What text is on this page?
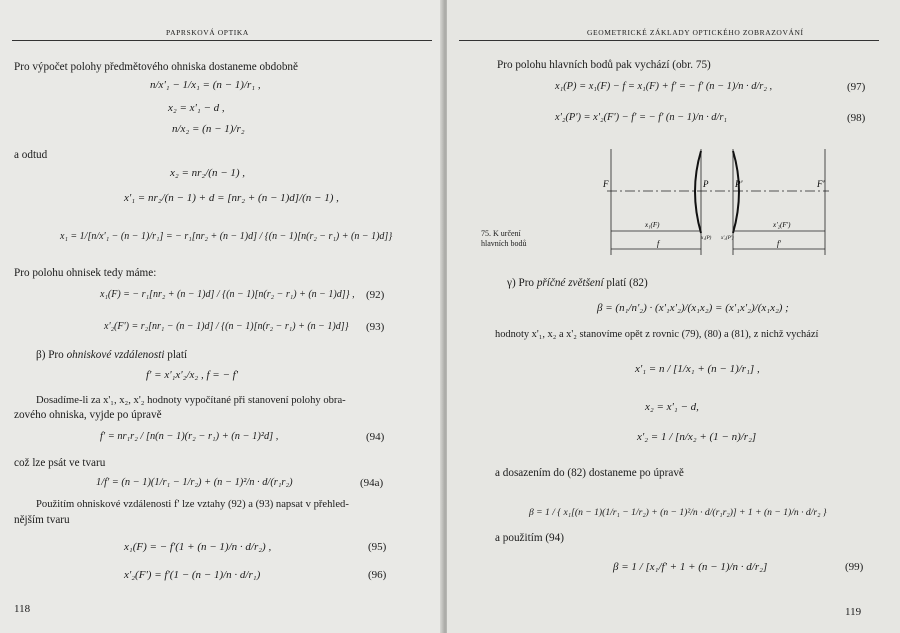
PAPRSKOVÁ OPTIKA
Pro výpočet polohy předmětového ohniska dostaneme obdobně
n/x'₁ − 1/x₁ = (n − 1)/r₁ ,
x₂ = x'₁ − d ,
n/x₂ = (n − 1)/r₂
a odtud
x₂ = nr₂/(n − 1) ,
x'₁ = nr₂/(n − 1) + d = [nr₂ + (n − 1)d]/(n − 1) ,
x₁ = 1/[n/x'₁ − (n − 1)/r₁] = − r₁[nr₂ + (n − 1)d] / {(n − 1)[n(r₂ − r₁) + (n − 1)d]}
Pro polohu ohnisek tedy máme:
x₁(F) = − r₁[nr₂ + (n − 1)d] / {(n − 1)[n(r₂ − r₁) + (n − 1)d]} , (92)
x'₂(F') = r₂[nr₁ − (n − 1)d] / {(n − 1)[n(r₂ − r₁) + (n − 1)d]} (93)
β) Pro ohniskové vzdálenosti platí
f' = x'₁x'₂/x₂ , f = − f'
Dosadíme-li za x'₁, x₂, x'₂ hodnoty vypočítané při stanovení polohy obra-
zového ohniska, vyjde po úpravě
f' = nr₁r₂ / [n(n − 1)(r₂ − r₁) + (n − 1)²d] ,	(94)
což lze psát ve tvaru
1/f' = (n − 1)(1/r₁ − 1/r₂) + (n − 1)²/n · d/(r₁r₂)	(94a)
Použitím ohniskové vzdálenosti f' lze vztahy (92) a (93) napsat v přehled-
nějším tvaru
x₁(F) = − f'(1 + (n − 1)/n · d/r₂) ,	(95)
x'₂(F') = f'(1 − (n − 1)/n · d/r₁)	(96)
118
GEOMETRICKÉ ZÁKLADY OPTICKÉHO ZOBRAZOVÁNÍ
Pro polohu hlavních bodů pak vychází (obr. 75)
x₁(P) = x₁(F) − f = x₁(F) + f' = − f' (n − 1)/n · d/r₂ ,	(97)
x'₂(P') = x'₂(F') − f' = − f' (n − 1)/n · d/r₁	(98)
F	P	P'	F'
x₁(F)	x'₂(F')
x₁(P) x'₂(P')
f	f'
75. K určení
hlavních bodů
γ) Pro příčné zvětšení platí (82)
β = (n₁/n'₂) · (x'₁x'₂)/(x₁x₂) = (x'₁x'₂)/(x₁x₂) ;
hodnoty x'₁, x₂ a x'₂ stanovíme opět z rovnic (79), (80) a (81), z nichž vychází
x'₁ = n / [1/x₁ + (n − 1)/r₁] ,
x₂ = x'₁ − d,
x'₂ = 1 / [n/x₂ + (1 − n)/r₂]
a dosazením do (82) dostaneme po úpravě
β = 1 / { x₁[(n − 1)(1/r₁ − 1/r₂) + (n − 1)²/n · d/(r₁r₂)] + 1 + (n − 1)/n · d/r₂ }
a použitím (94)
β = 1 / [x₁/f' + 1 + (n − 1)/n · d/r₂]	(99)
119
